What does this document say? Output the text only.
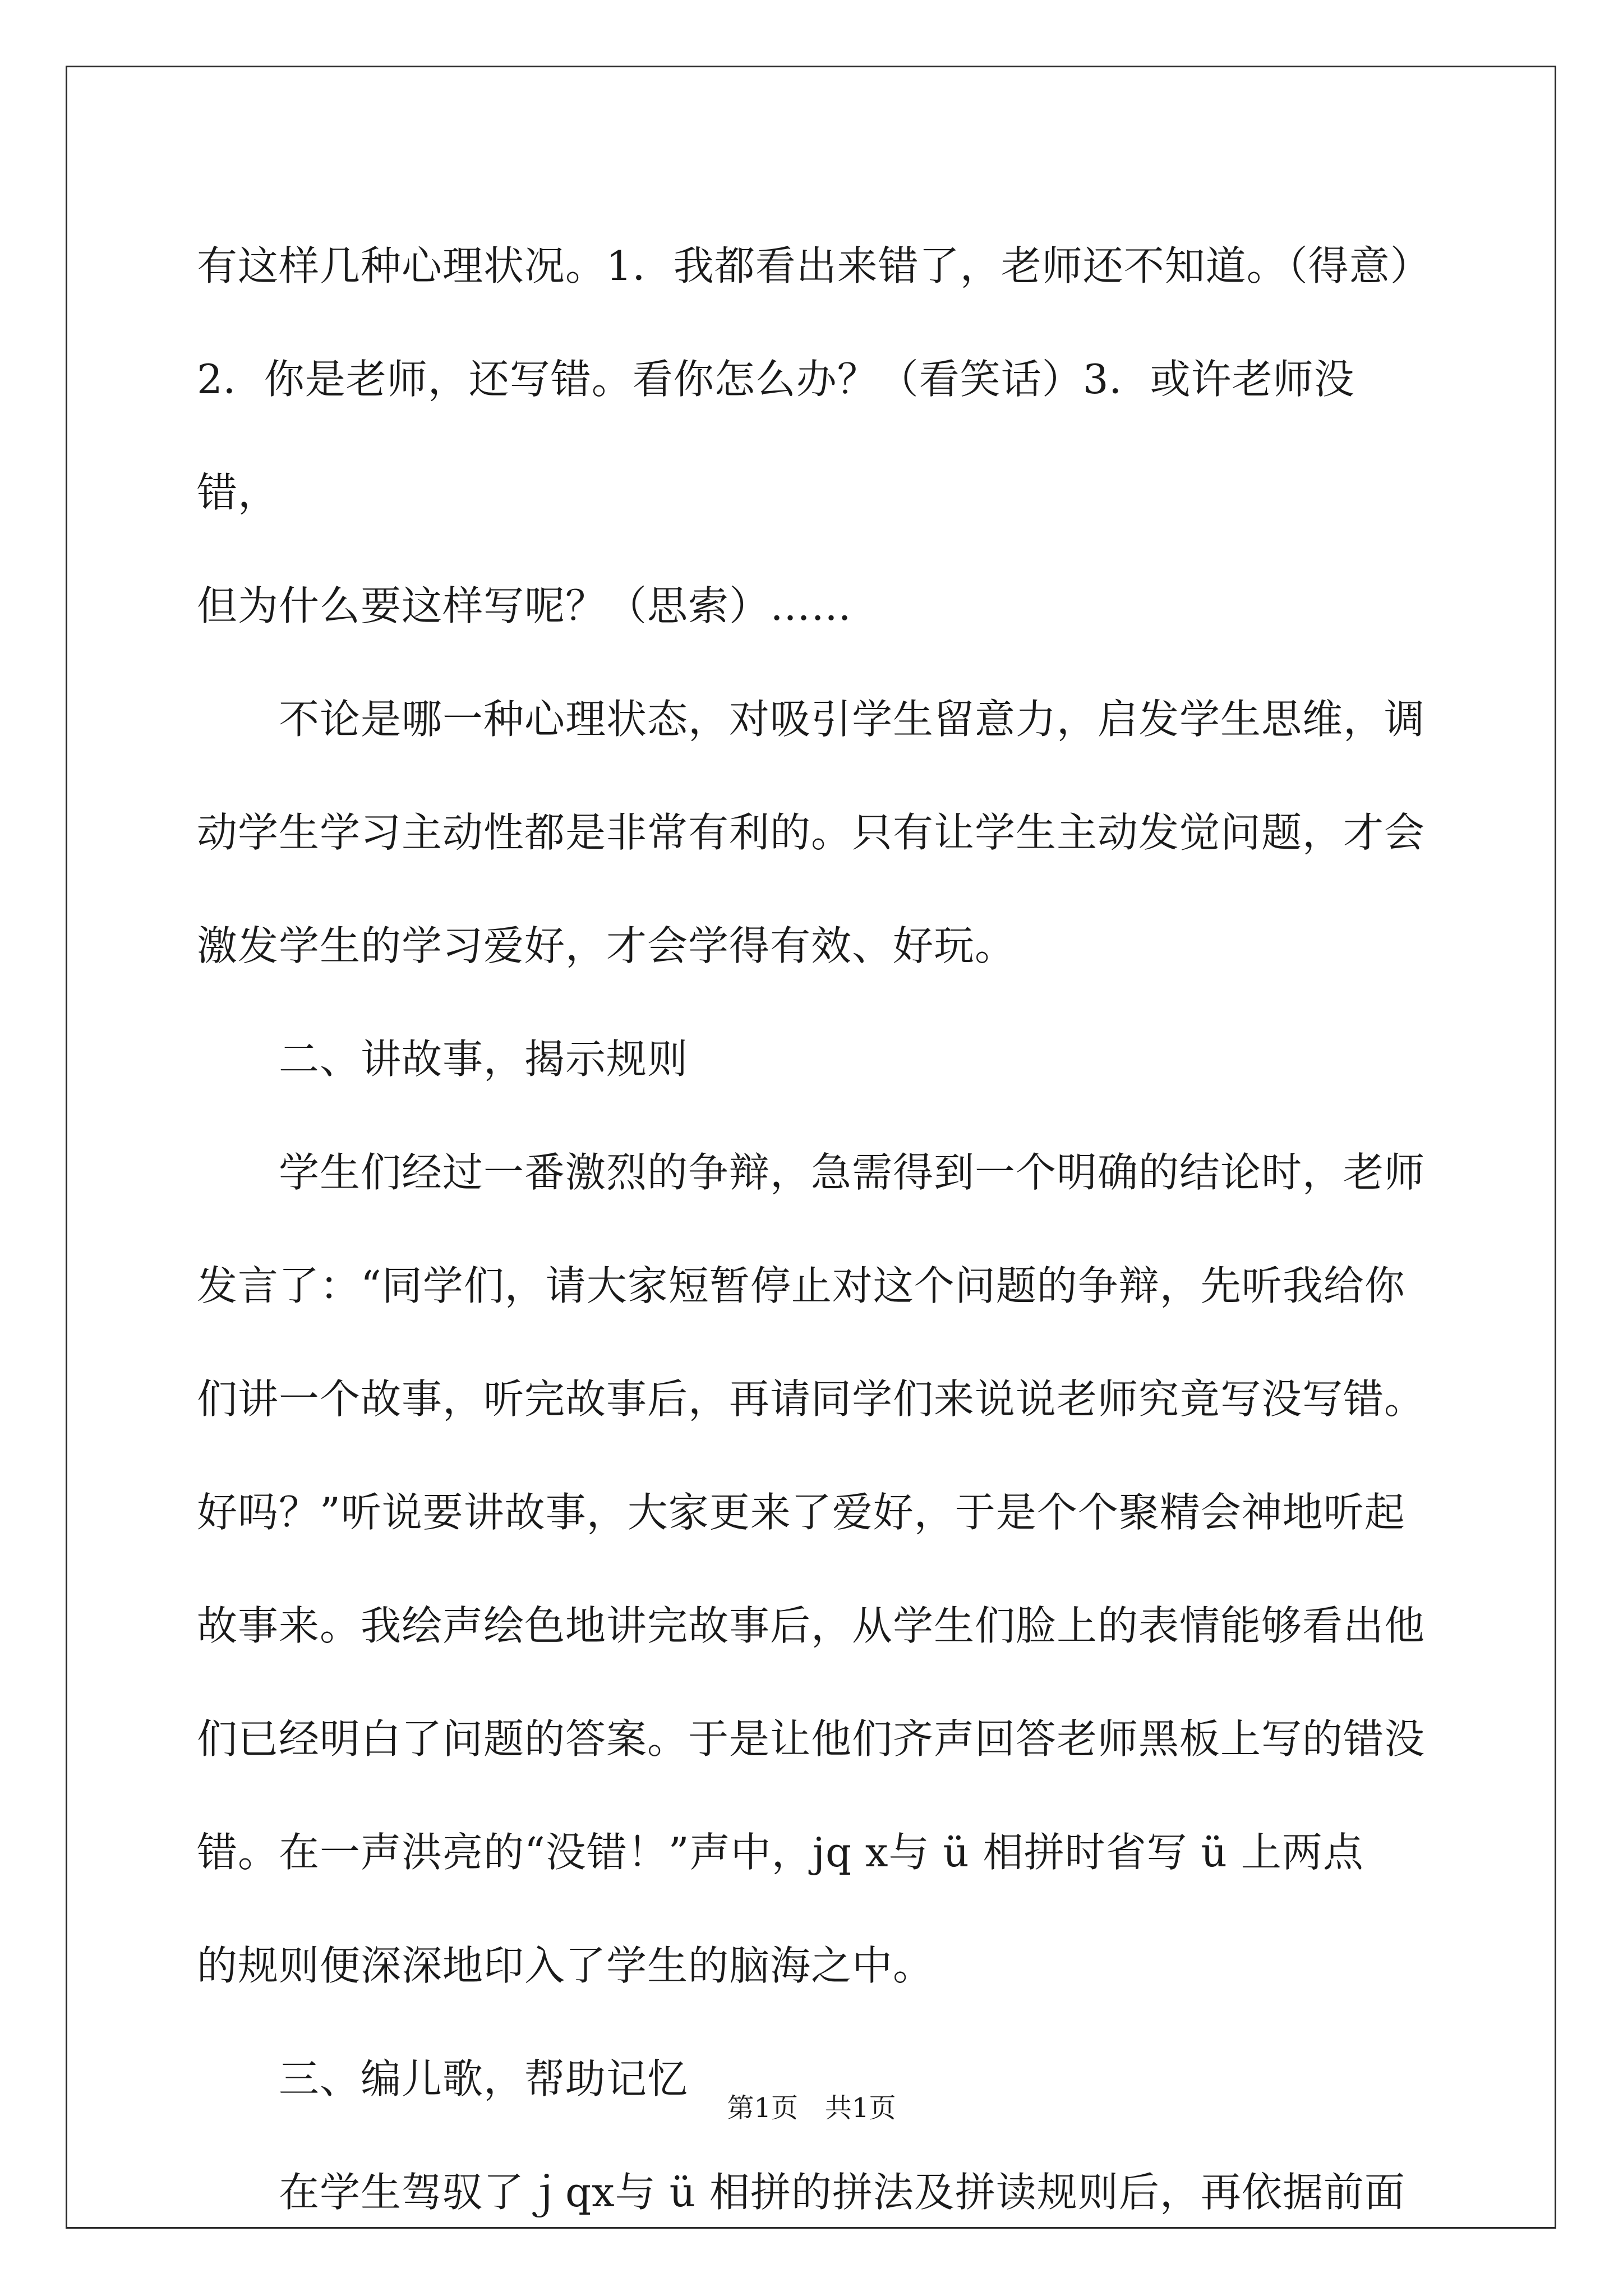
有这样几种心理状况。1．我都看出来错了，老师还不知道。（得意）

2．你是老师，还写错。看你怎么办？（看笑话）3．或许老师没错，

但为什么要这样写呢？（思索）……

　　不论是哪一种心理状态，对吸引学生留意力，启发学生思维，调

动学生学习主动性都是非常有利的。只有让学生主动发觉问题，才会

激发学生的学习爱好，才会学得有效、好玩。

　　二、讲故事，揭示规则

　　学生们经过一番激烈的争辩，急需得到一个明确的结论时，老师

发言了：“同学们，请大家短暂停止对这个问题的争辩，先听我给你

们讲一个故事，听完故事后，再请同学们来说说老师究竟写没写错。

好吗？”听说要讲故事，大家更来了爱好，于是个个聚精会神地听起

故事来。我绘声绘色地讲完故事后，从学生们脸上的表情能够看出他

们已经明白了问题的答案。于是让他们齐声回答老师黑板上写的错没

错。在一声洪亮的“没错！”声中，jq x与 ü 相拼时省写 ü 上两点

的规则便深深地印入了学生的脑海之中。

　　三、编儿歌，帮助记忆

　　在学生驾驭了ｊqx与 ü 相拼的拼法及拼读规则后，再依据前面

第1页　共1页
